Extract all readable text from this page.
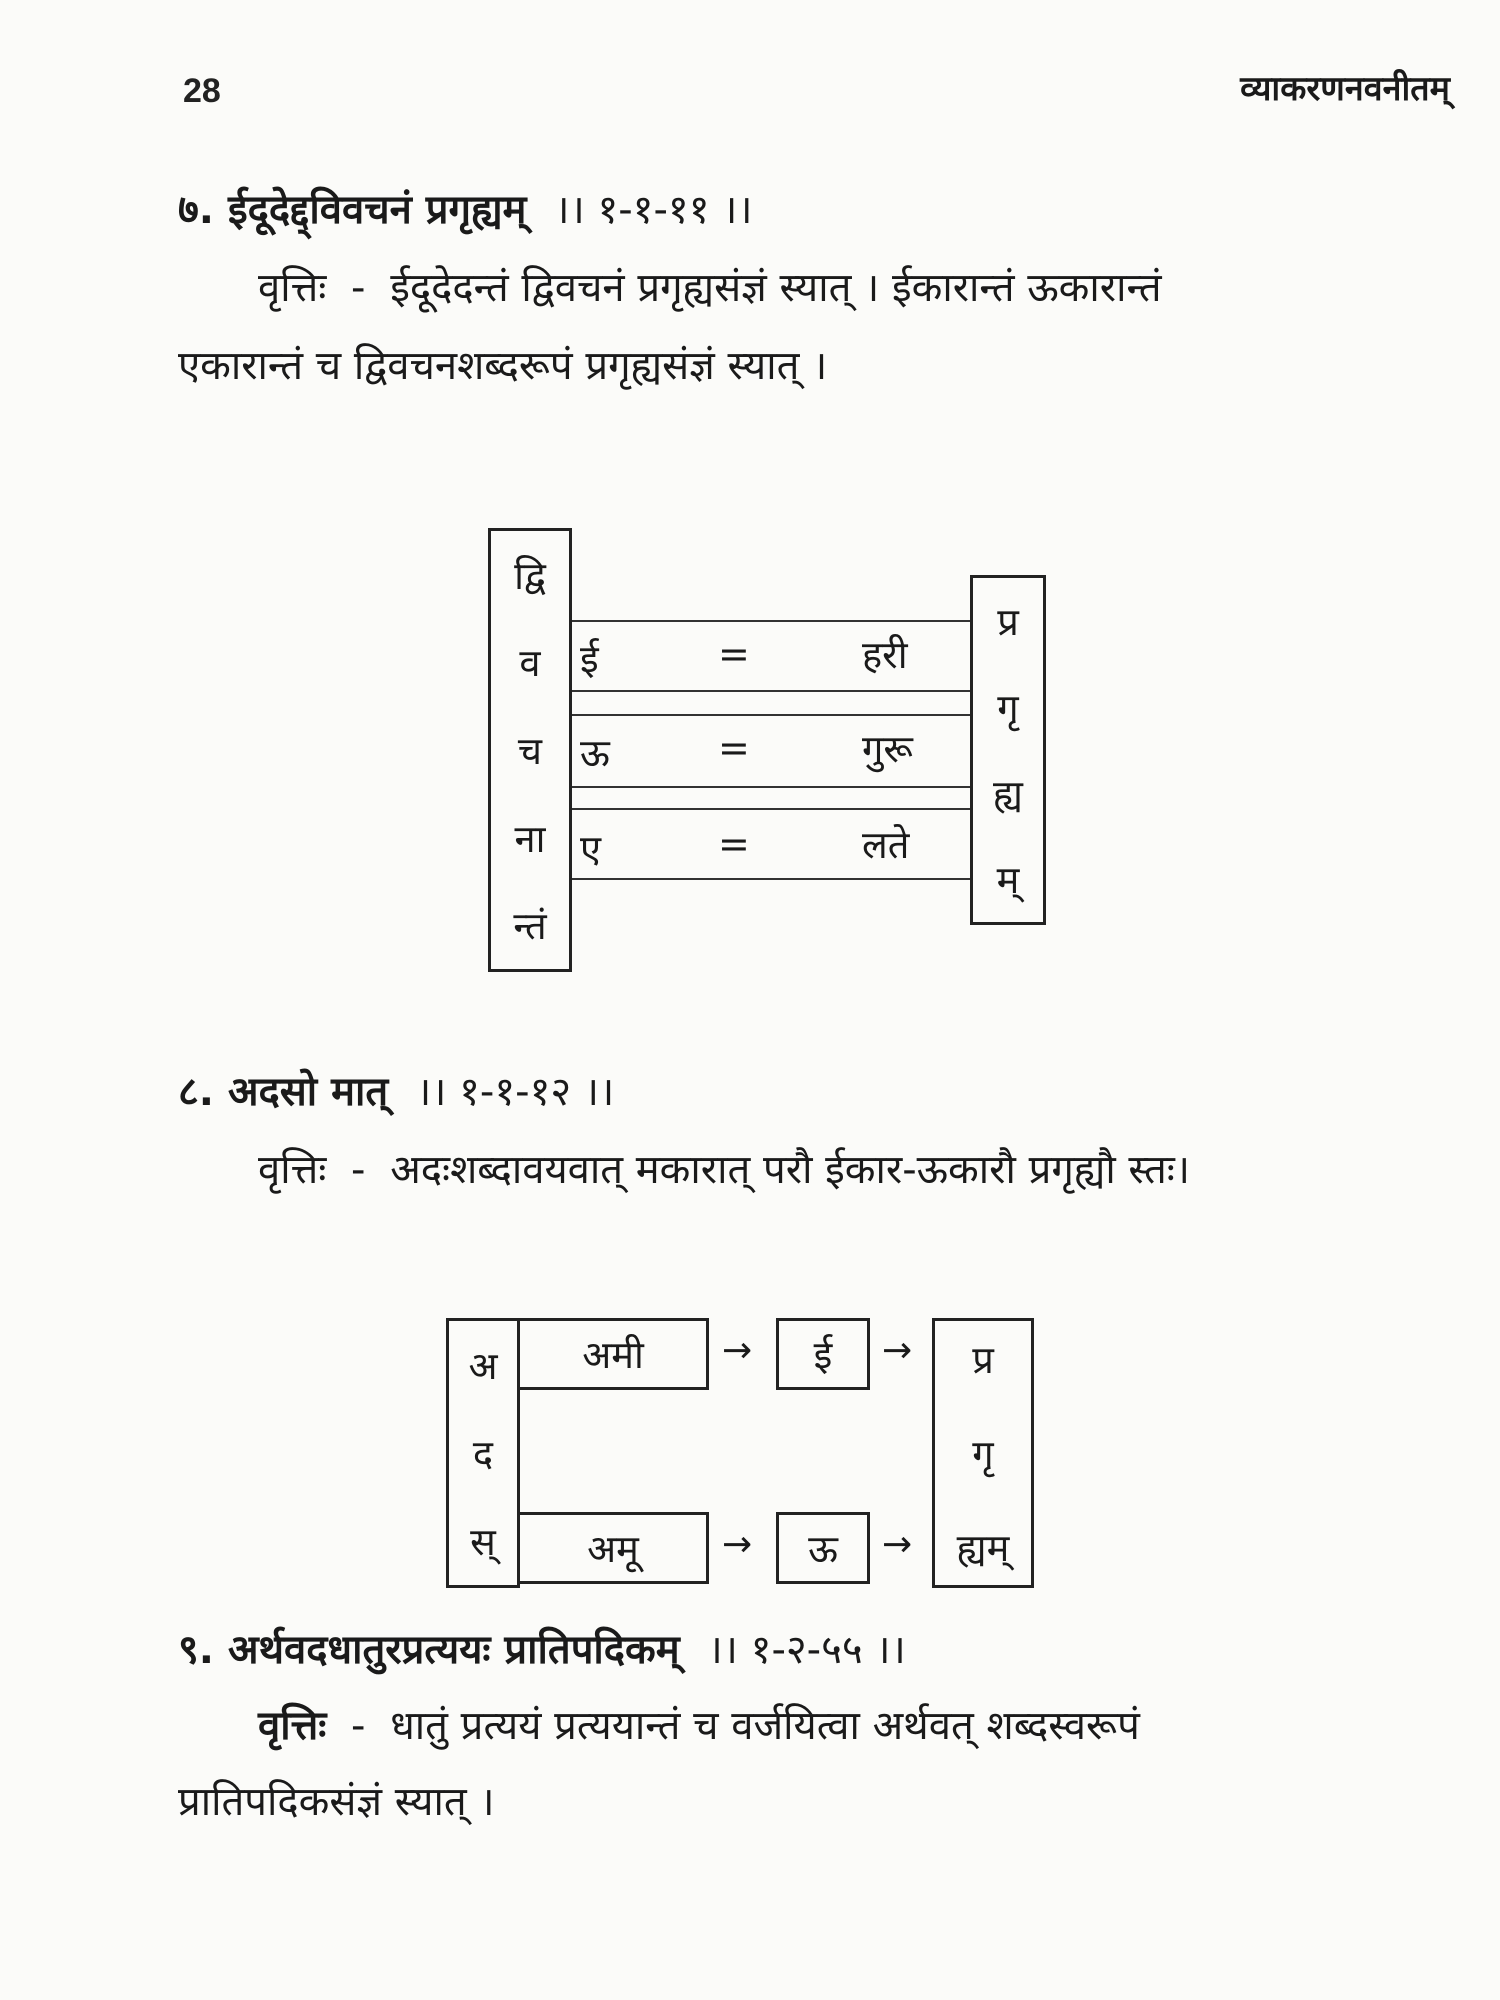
28	व्याकरणनवनीतम्
७. ईदूदेद्द्विवचनं प्रगृह्यम् ।। १-१-११ ।।
वृत्तिः - ईदूदेदन्तं द्विवचनं प्रगृह्यसंज्ञं स्यात् । ईकारान्तं ऊकारान्तं
एकारान्तं च द्विवचनशब्दरूपं प्रगृह्यसंज्ञं स्यात् ।
द्वि
व
च
ना
न्तं
प्र
गृ
ह्य
म्
ई	=	हरी
ऊ	=	गुरू
ए	=	लते
८. अदसो मात् ।। १-१-१२ ।।
वृत्तिः - अदःशब्दावयवात् मकारात् परौ ईकार-ऊकारौ प्रगृह्यौ स्तः।
अ
द
स्
अमी
अमू
→
→
ई
ऊ
→
→
प्र
गृ
ह्यम्
९. अर्थवदधातुरप्रत्ययः प्रातिपदिकम् ।। १-२-५५ ।।
वृत्तिः - धातुं प्रत्ययं प्रत्ययान्तं च वर्जयित्वा अर्थवत् शब्दस्वरूपं
प्रातिपदिकसंज्ञं स्यात् ।
